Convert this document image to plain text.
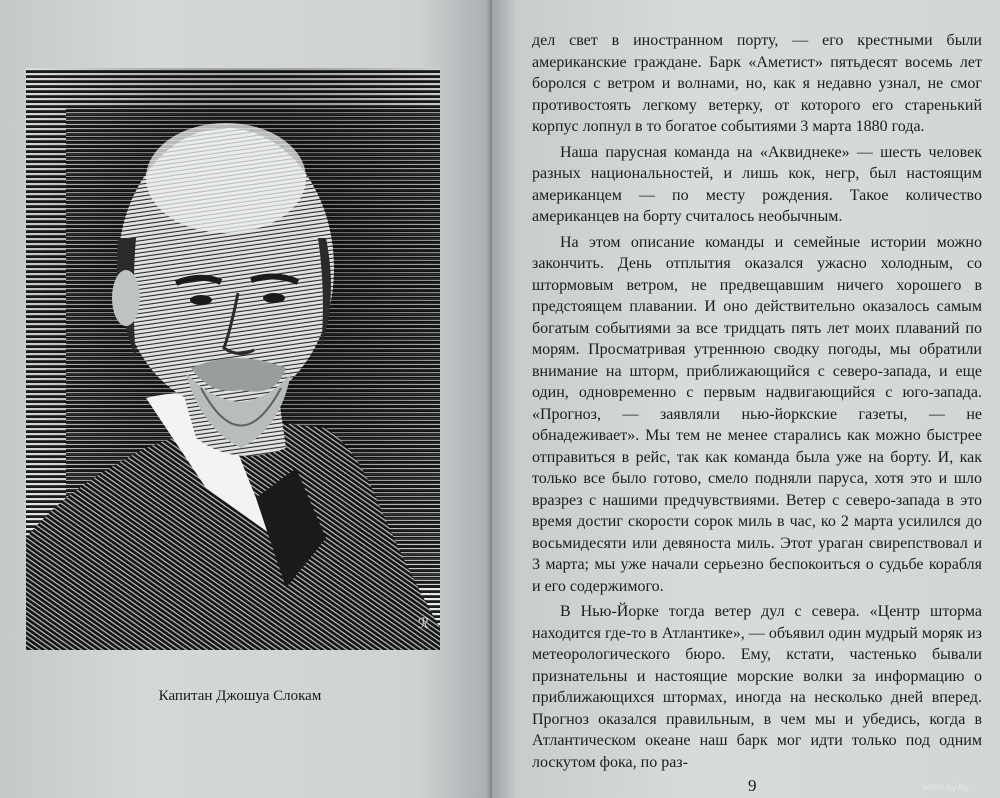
ℛ
Капитан Джошуа Слокам

дел свет в иностранном порту, — его крестными были американские граждане. Барк «Аметист» пятьдесят восемь лет боролся с ветром и волнами, но, как я недавно узнал, не смог противостоять легкому ветерку, от которого его старенький корпус лопнул в то богатое событиями 3 марта 1880 года.

Наша парусная команда на «Аквиднеке» — шесть человек разных национальностей, и лишь кок, негр, был настоящим американцем — по месту рождения. Такое количество американцев на борту считалось необычным.

На этом описание команды и семейные истории можно закончить. День отплытия оказался ужасно холодным, со штормовым ветром, не предвещавшим ничего хорошего в предстоящем плавании. И оно действительно оказалось самым богатым событиями за все тридцать пять лет моих плаваний по морям. Просматривая утреннюю сводку погоды, мы обратили внимание на шторм, приближающийся с северо-запада, и еще один, одновременно с первым надвигающийся с юго-запада. «Прогноз, — заявляли нью-йоркские газеты, — не обнадеживает». Мы тем не менее старались как можно быстрее отправиться в рейс, так как команда была уже на борту. И, как только все было готово, смело подняли паруса, хотя это и шло вразрез с нашими предчувствиями. Ветер с северо-запада в это время достиг скорости сорок миль в час, ко 2 марта усилился до восьмидесяти или девяноста миль. Этот ураган свирепствовал и 3 марта; мы уже начали серьезно беспокоиться о судьбе корабля и его содержимого.

В Нью-Йорке тогда ветер дул с севера. «Центр шторма находится где-то в Атлантике», — объявил один мудрый моряк из метеорологического бюро. Ему, кстати, частенько бывали признательны и настоящие морские волки за информацию о приближающихся штормах, иногда на несколько дней вперед. Прогноз оказался правильным, в чем мы и убедись, когда в Атлантическом океане наш барк мог идти только под одним лоскутом фока, по раз-

9	www.ay.by
